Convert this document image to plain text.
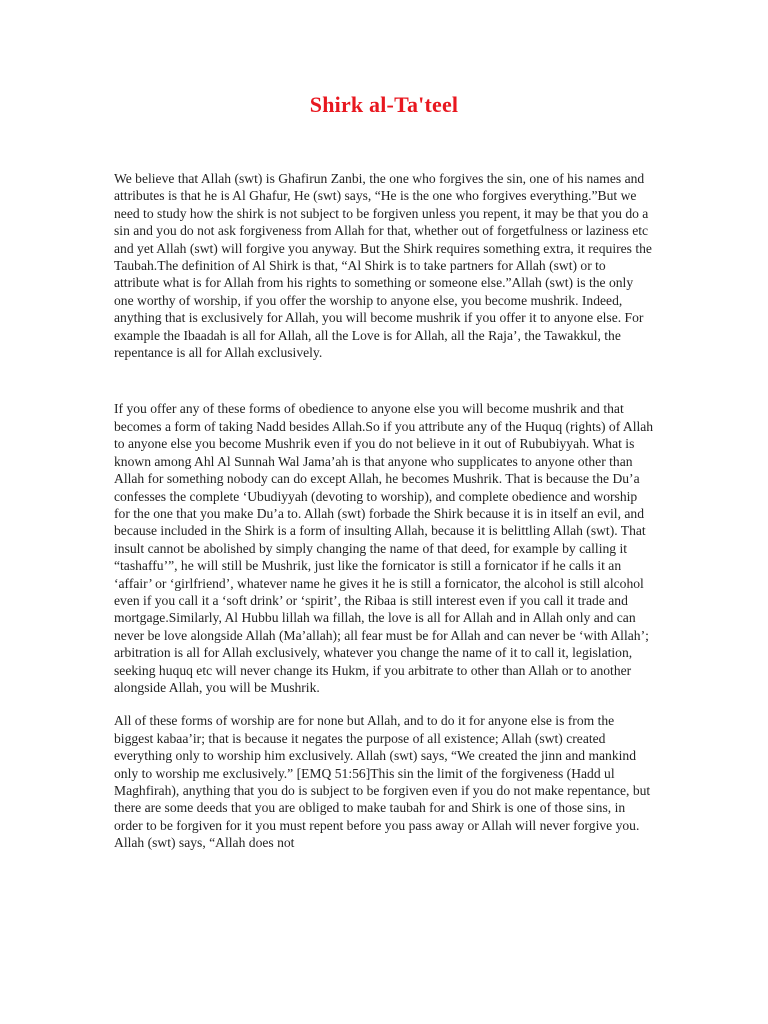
Shirk al-Ta'teel

We believe that Allah (swt) is Ghafirun Zanbi, the one who forgives the sin, one of his names and attributes is that he is Al Ghafur, He (swt) says, “He is the one who forgives everything.”But we need to study how the shirk is not subject to be forgiven unless you repent, it may be that you do a sin and you do not ask forgiveness from Allah for that, whether out of forgetfulness or laziness etc and yet Allah (swt) will forgive you anyway. But the Shirk requires something extra, it requires the Taubah.The definition of Al Shirk is that, “Al Shirk is to take partners for Allah (swt) or to attribute what is for Allah from his rights to something or someone else.”Allah (swt) is the only one worthy of worship, if you offer the worship to anyone else, you become mushrik. Indeed, anything that is exclusively for Allah, you will become mushrik if you offer it to anyone else. For example the Ibaadah is all for Allah, all the Love is for Allah, all the Raja’, the Tawakkul, the repentance is all for Allah exclusively.

If you offer any of these forms of obedience to anyone else you will become mushrik and that becomes a form of taking Nadd besides Allah.So if you attribute any of the Huquq (rights) of Allah to anyone else you become Mushrik even if you do not believe in it out of Rububiyyah. What is known among Ahl Al Sunnah Wal Jama’ah is that anyone who supplicates to anyone other than Allah for something nobody can do except Allah, he becomes Mushrik. That is because the Du’a confesses the complete ‘Ubudiyyah (devoting to worship), and complete obedience and worship for the one that you make Du’a to. Allah (swt) forbade the Shirk because it is in itself an evil, and because included in the Shirk is a form of insulting Allah, because it is belittling Allah (swt). That insult cannot be abolished by simply changing the name of that deed, for example by calling it “tashaffu’”, he will still be Mushrik, just like the fornicator is still a fornicator if he calls it an ‘affair’ or ‘girlfriend’, whatever name he gives it he is still a fornicator, the alcohol is still alcohol even if you call it a ‘soft drink’ or ‘spirit’, the Ribaa is still interest even if you call it trade and mortgage.Similarly, Al Hubbu lillah wa fillah, the love is all for Allah and in Allah only and can never be love alongside Allah (Ma’allah); all fear must be for Allah and can never be ‘with Allah’; arbitration is all for Allah exclusively, whatever you change the name of it to call it, legislation, seeking huquq etc will never change its Hukm, if you arbitrate to other than Allah or to another alongside Allah, you will be Mushrik.

All of these forms of worship are for none but Allah, and to do it for anyone else is from the biggest kabaa’ir; that is because it negates the purpose of all existence; Allah (swt) created everything only to worship him exclusively. Allah (swt) says, “We created the jinn and mankind only to worship me exclusively.” [EMQ 51:56]This sin the limit of the forgiveness (Hadd ul Maghfirah), anything that you do is subject to be forgiven even if you do not make repentance, but there are some deeds that you are obliged to make taubah for and Shirk is one of those sins, in order to be forgiven for it you must repent before you pass away or Allah will never forgive you. Allah (swt) says, “Allah does not
